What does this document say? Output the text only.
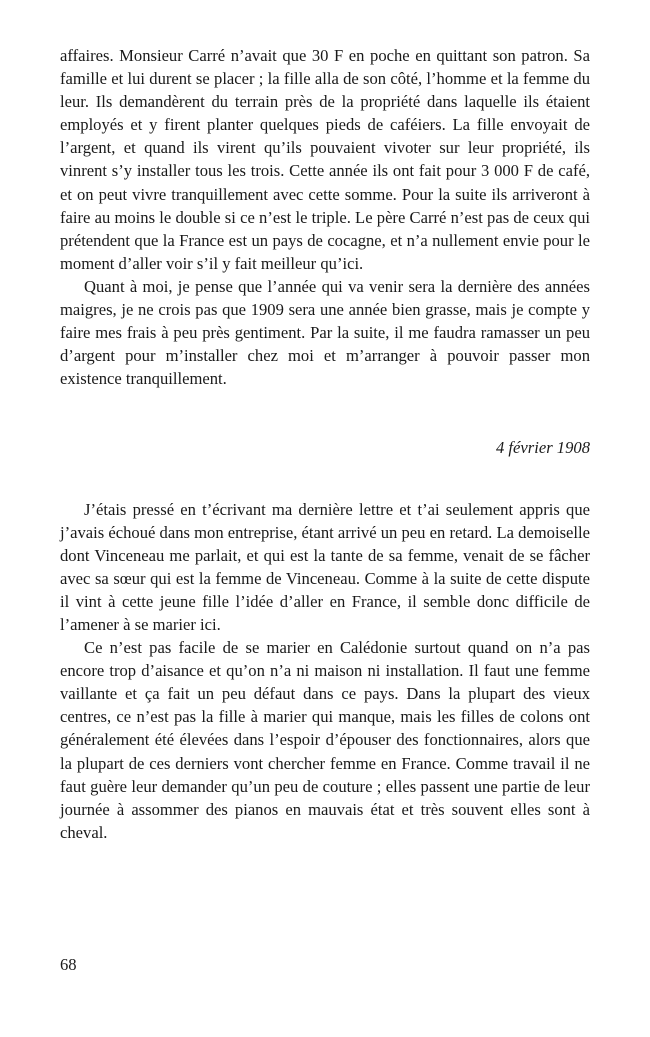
affaires. Monsieur Carré n’avait que 30 F en poche en quittant son patron. Sa famille et lui durent se placer ; la fille alla de son côté, l’homme et la femme du leur. Ils demandèrent du terrain près de la propriété dans laquelle ils étaient employés et y firent planter quelques pieds de caféiers. La fille envoyait de l’argent, et quand ils virent qu’ils pouvaient vivoter sur leur propriété, ils vinrent s’y installer tous les trois. Cette année ils ont fait pour 3 000 F de café, et on peut vivre tranquillement avec cette somme. Pour la suite ils arriveront à faire au moins le double si ce n’est le triple. Le père Carré n’est pas de ceux qui prétendent que la France est un pays de cocagne, et n’a nullement envie pour le moment d’aller voir s’il y fait meilleur qu’ici.

Quant à moi, je pense que l’année qui va venir sera la dernière des années maigres, je ne crois pas que 1909 sera une année bien grasse, mais je compte y faire mes frais à peu près gentiment. Par la suite, il me faudra ramasser un peu d’argent pour m’installer chez moi et m’arranger à pouvoir passer mon existence tranquillement.

4 février 1908

J’étais pressé en t’écrivant ma dernière lettre et t’ai seulement appris que j’avais échoué dans mon entreprise, étant arrivé un peu en retard. La demoiselle dont Vinceneau me parlait, et qui est la tante de sa femme, venait de se fâcher avec sa sœur qui est la femme de Vinceneau. Comme à la suite de cette dispute il vint à cette jeune fille l’idée d’aller en France, il semble donc difficile de l’amener à se marier ici.

Ce n’est pas facile de se marier en Calédonie surtout quand on n’a pas encore trop d’aisance et qu’on n’a ni maison ni installation. Il faut une femme vaillante et ça fait un peu défaut dans ce pays. Dans la plupart des vieux centres, ce n’est pas la fille à marier qui manque, mais les filles de colons ont généralement été élevées dans l’espoir d’épouser des fonctionnaires, alors que la plupart de ces derniers vont chercher femme en France. Comme travail il ne faut guère leur demander qu’un peu de couture ; elles passent une partie de leur journée à assommer des pianos en mauvais état et très souvent elles sont à cheval.

68
